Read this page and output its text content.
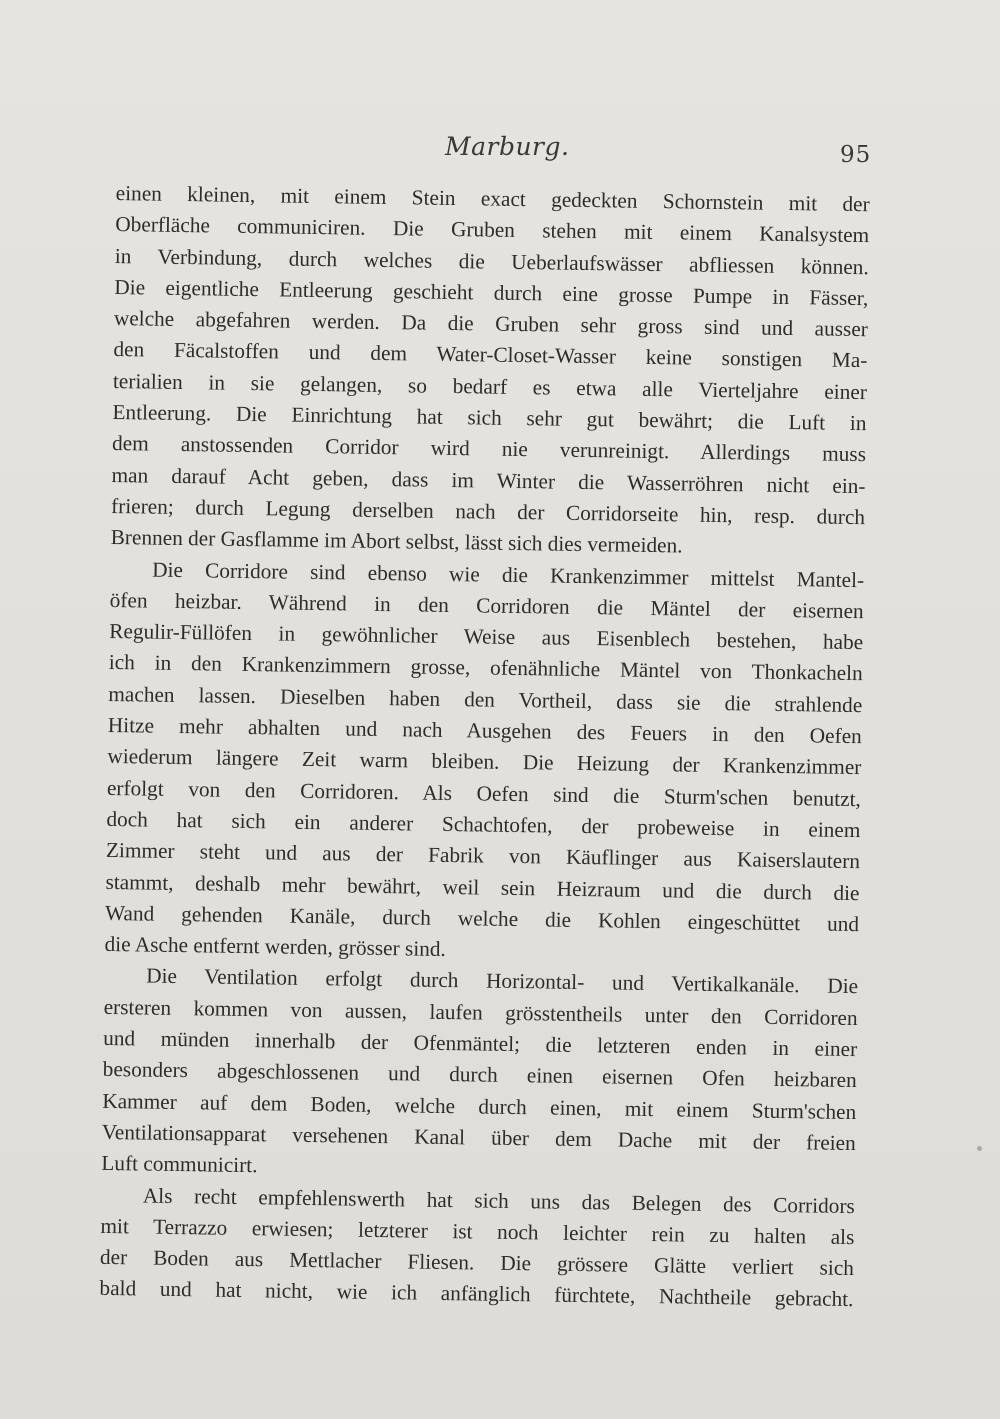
Marburg.	95
einen kleinen, mit einem Stein exact gedeckten Schornstein mit der
Oberfläche communiciren. Die Gruben stehen mit einem Kanalsystem
in Verbindung, durch welches die Ueberlaufswässer abfliessen können.
Die eigentliche Entleerung geschieht durch eine grosse Pumpe in Fässer,
welche abgefahren werden. Da die Gruben sehr gross sind und ausser
den Fäcalstoffen und dem Water-Closet-Wasser keine sonstigen Ma-
terialien in sie gelangen, so bedarf es etwa alle Vierteljahre einer
Entleerung. Die Einrichtung hat sich sehr gut bewährt; die Luft in
dem anstossenden Corridor wird nie verunreinigt. Allerdings muss
man darauf Acht geben, dass im Winter die Wasserröhren nicht ein-
frieren; durch Legung derselben nach der Corridorseite hin, resp. durch
Brennen der Gasflamme im Abort selbst, lässt sich dies vermeiden.
Die Corridore sind ebenso wie die Krankenzimmer mittelst Mantel-
öfen heizbar. Während in den Corridoren die Mäntel der eisernen
Regulir-Füllöfen in gewöhnlicher Weise aus Eisenblech bestehen, habe
ich in den Krankenzimmern grosse, ofenähnliche Mäntel von Thonkacheln
machen lassen. Dieselben haben den Vortheil, dass sie die strahlende
Hitze mehr abhalten und nach Ausgehen des Feuers in den Oefen
wiederum längere Zeit warm bleiben. Die Heizung der Krankenzimmer
erfolgt von den Corridoren. Als Oefen sind die Sturm'schen benutzt,
doch hat sich ein anderer Schachtofen, der probeweise in einem
Zimmer steht und aus der Fabrik von Käuflinger aus Kaiserslautern
stammt, deshalb mehr bewährt, weil sein Heizraum und die durch die
Wand gehenden Kanäle, durch welche die Kohlen eingeschüttet und
die Asche entfernt werden, grösser sind.
Die Ventilation erfolgt durch Horizontal- und Vertikalkanäle. Die
ersteren kommen von aussen, laufen grösstentheils unter den Corridoren
und münden innerhalb der Ofenmäntel; die letzteren enden in einer
besonders abgeschlossenen und durch einen eisernen Ofen heizbaren
Kammer auf dem Boden, welche durch einen, mit einem Sturm'schen
Ventilationsapparat versehenen Kanal über dem Dache mit der freien
Luft communicirt.
Als recht empfehlenswerth hat sich uns das Belegen des Corridors
mit Terrazzo erwiesen; letzterer ist noch leichter rein zu halten als
der Boden aus Mettlacher Fliesen. Die grössere Glätte verliert sich
bald und hat nicht, wie ich anfänglich fürchtete, Nachtheile gebracht.
